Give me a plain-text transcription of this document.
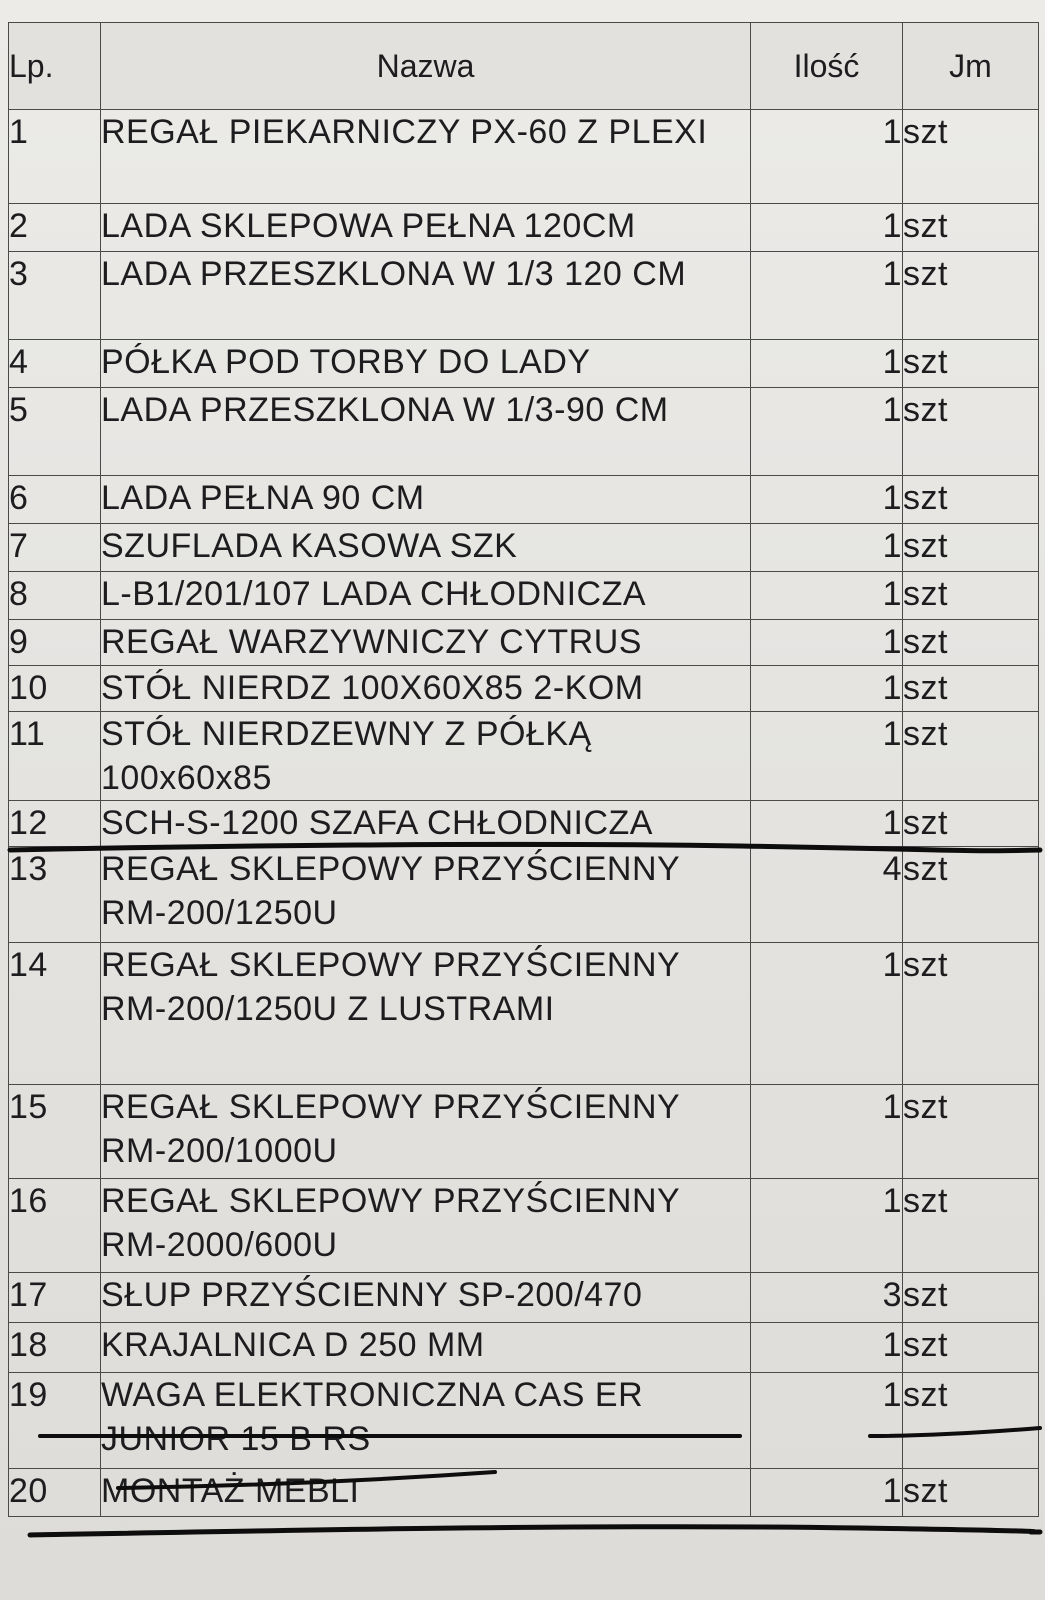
Lp.	Nazwa	Ilość	Jm
1	REGAŁ PIEKARNICZY PX-60 Z PLEXI	1	szt
2	LADA SKLEPOWA PEŁNA 120CM	1	szt
3	LADA PRZESZKLONA W 1/3 120 CM	1	szt
4	PÓŁKA POD TORBY DO LADY	1	szt
5	LADA PRZESZKLONA W 1/3-90 CM	1	szt
6	LADA PEŁNA 90 CM	1	szt
7	SZUFLADA KASOWA SZK	1	szt
8	L-B1/201/107 LADA CHŁODNICZA	1	szt
9	REGAŁ WARZYWNICZY CYTRUS	1	szt
10	STÓŁ NIERDZ 100X60X85 2-KOM	1	szt
11	STÓŁ NIERDZEWNY Z PÓŁKĄ 100x60x85	1	szt
12	SCH-S-1200 SZAFA CHŁODNICZA	1	szt
13	REGAŁ SKLEPOWY PRZYŚCIENNY RM-200/1250U	4	szt
14	REGAŁ SKLEPOWY PRZYŚCIENNY RM-200/1250U Z LUSTRAMI	1	szt
15	REGAŁ SKLEPOWY PRZYŚCIENNY RM-200/1000U	1	szt
16	REGAŁ SKLEPOWY PRZYŚCIENNY RM-2000/600U	1	szt
17	SŁUP PRZYŚCIENNY SP-200/470	3	szt
18	KRAJALNICA D 250 MM	1	szt
19	WAGA ELEKTRONICZNA CAS ER JUNIOR 15 B RS	1	szt
20	MONTAŻ MEBLI	1	szt
